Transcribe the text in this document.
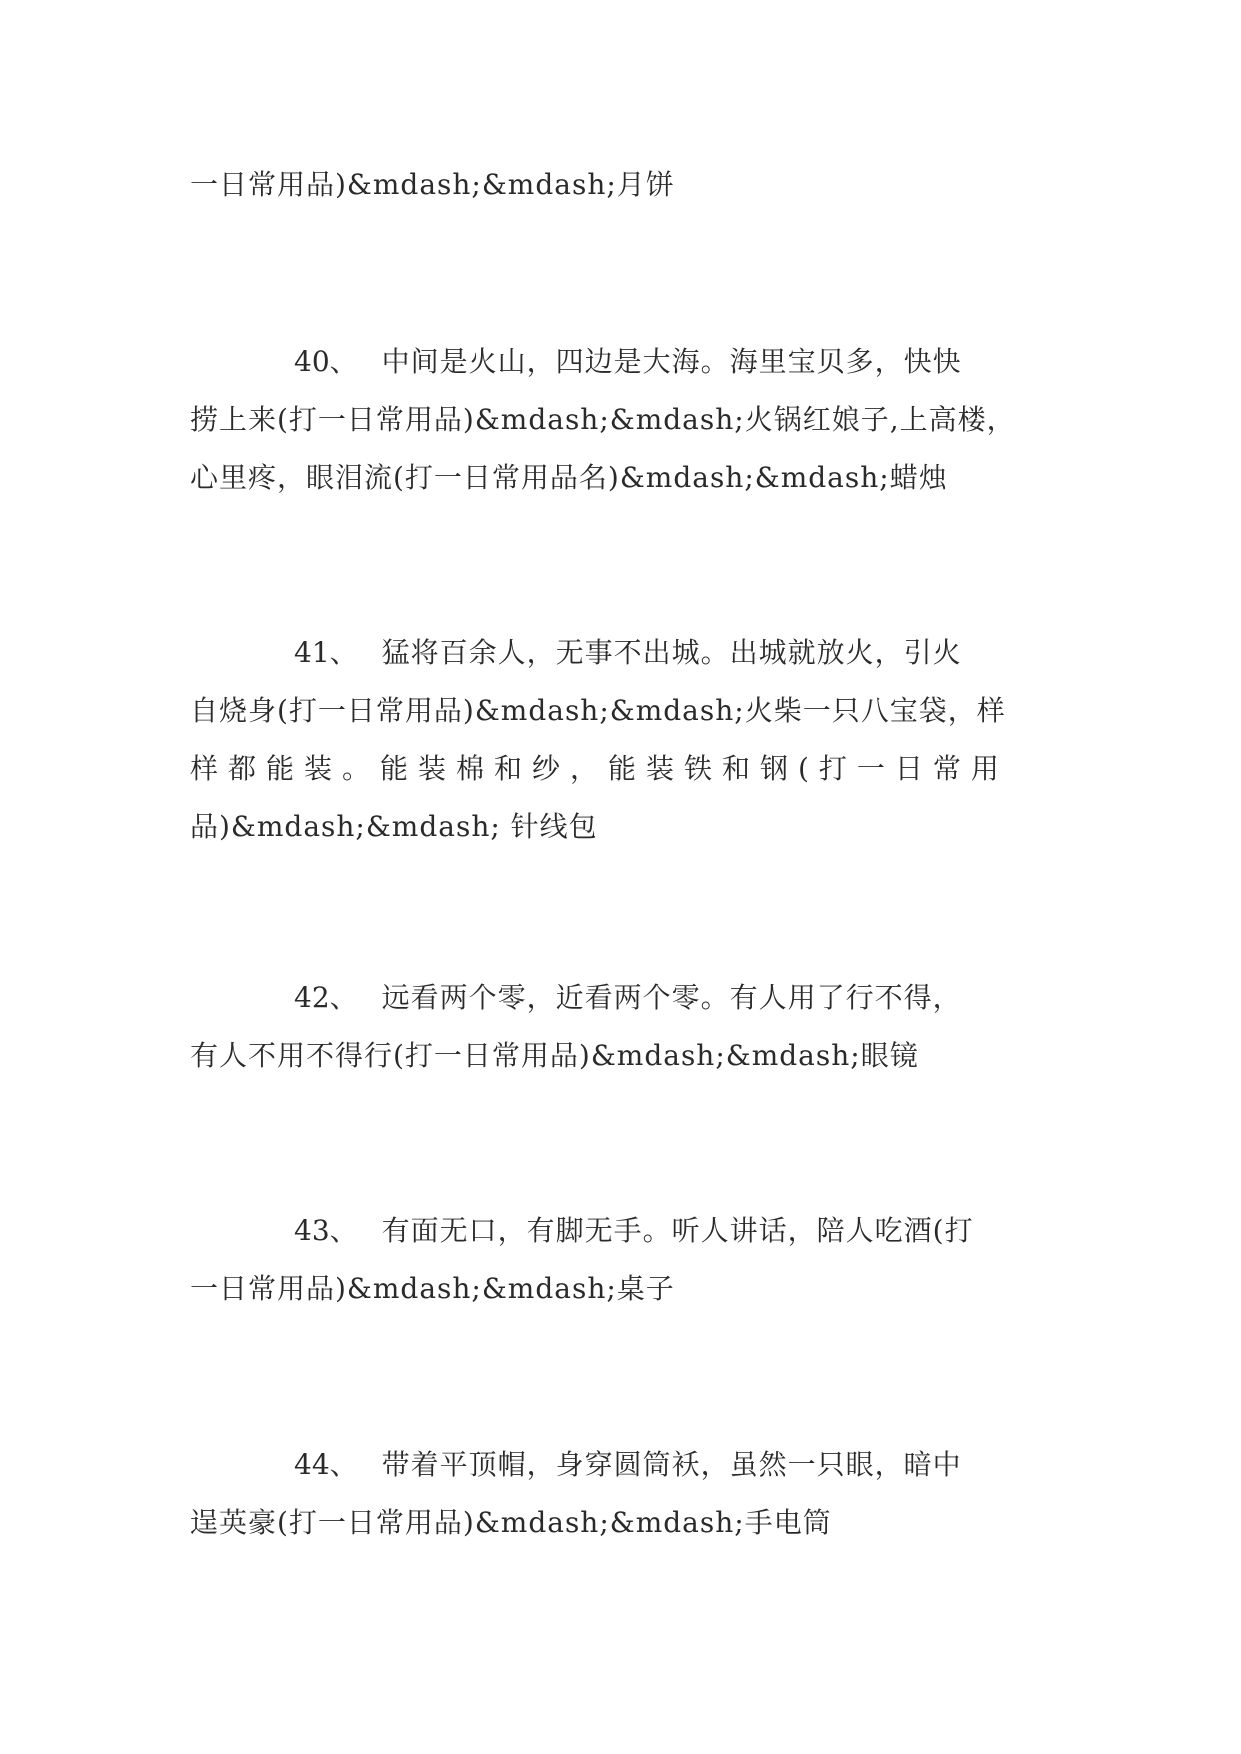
一日常用品)&mdash;&mdash;月饼
40、 中间是火山，四边是大海。海里宝贝多，快快
捞上来(打一日常用品)&mdash;&mdash;火锅红娘子,上高楼，
心里疼，眼泪流(打一日常用品名)&mdash;&mdash;蜡烛
41、 猛将百余人，无事不出城。出城就放火，引火
自烧身(打一日常用品)&mdash;&mdash;火柴一只八宝袋，样
样都能装。能装棉和纱，能装铁和钢(打一日常用
品)&mdash;&mdash; 针线包
42、 远看两个零，近看两个零。有人用了行不得，
有人不用不得行(打一日常用品)&mdash;&mdash;眼镜
43、 有面无口，有脚无手。听人讲话，陪人吃酒(打
一日常用品)&mdash;&mdash;桌子
44、 带着平顶帽，身穿圆筒袄，虽然一只眼，暗中
逞英豪(打一日常用品)&mdash;&mdash;手电筒
